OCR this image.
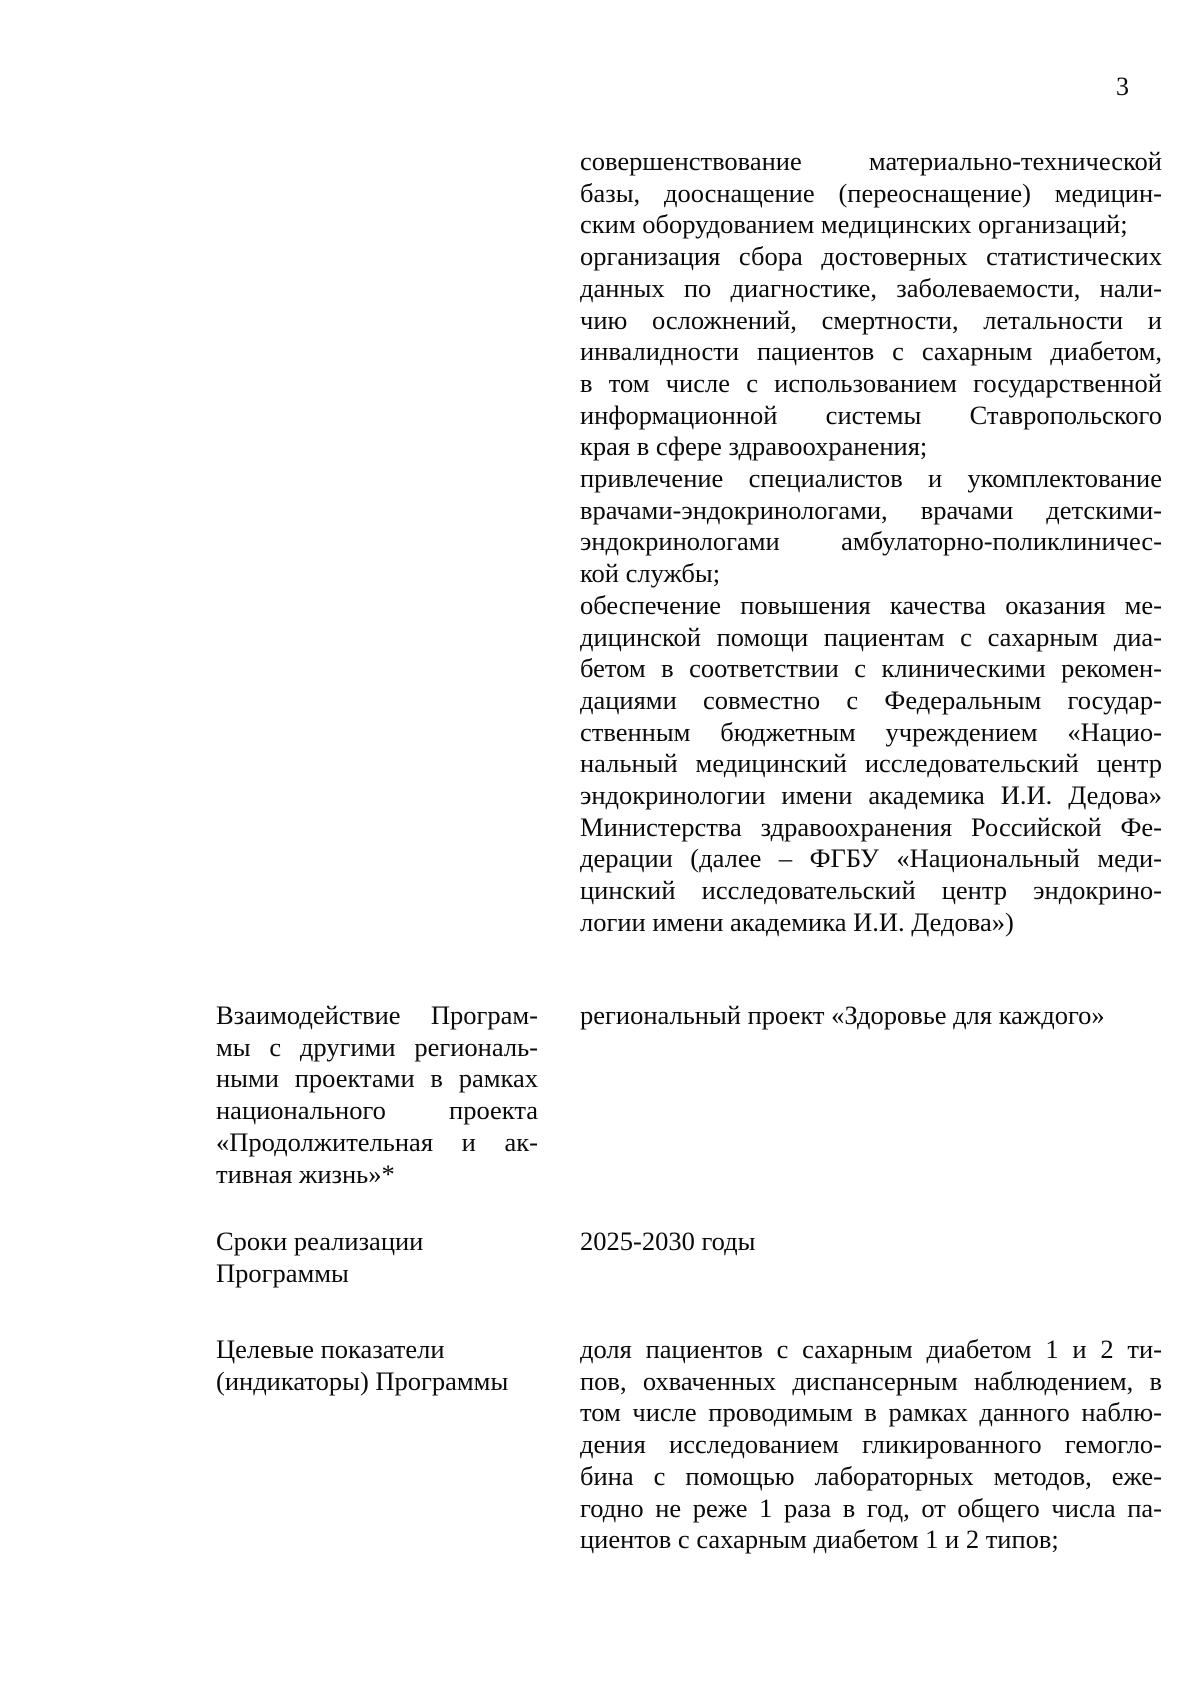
3
совершенствование материально-технической
базы, дооснащение (переоснащение) медицин-
ским оборудованием медицинских организаций;
организация сбора достоверных статистических
данных по диагностике, заболеваемости, нали-
чию осложнений, смертности, летальности и
инвалидности пациентов с сахарным диабетом,
в том числе с использованием государственной
информационной системы Ставропольского
края в сфере здравоохранения;
привлечение специалистов и укомплектование
врачами-эндокринологами, врачами детскими-
эндокринологами амбулаторно-поликлиничес-
кой службы;
обеспечение повышения качества оказания ме-
дицинской помощи пациентам с сахарным диа-
бетом в соответствии с клиническими рекомен-
дациями совместно с Федеральным государ-
ственным бюджетным учреждением «Нацио-
нальный медицинский исследовательский центр
эндокринологии имени академика И.И. Дедова»
Министерства здравоохранения Российской Фе-
дерации (далее – ФГБУ «Национальный меди-
цинский исследовательский центр эндокрино-
логии имени академика И.И. Дедова»)
Взаимодействие Програм-
мы с другими региональ-
ными проектами в рамках
национального проекта
«Продолжительная и ак-
тивная жизнь»*
региональный проект «Здоровье для каждого»
Сроки реализации
Программы
2025-2030 годы
Целевые показатели
(индикаторы) Программы
доля пациентов с сахарным диабетом 1 и 2 ти-
пов, охваченных диспансерным наблюдением, в
том числе проводимым в рамках данного наблю-
дения исследованием гликированного гемогло-
бина с помощью лабораторных методов, еже-
годно не реже 1 раза в год, от общего числа па-
циентов с сахарным диабетом 1 и 2 типов;
